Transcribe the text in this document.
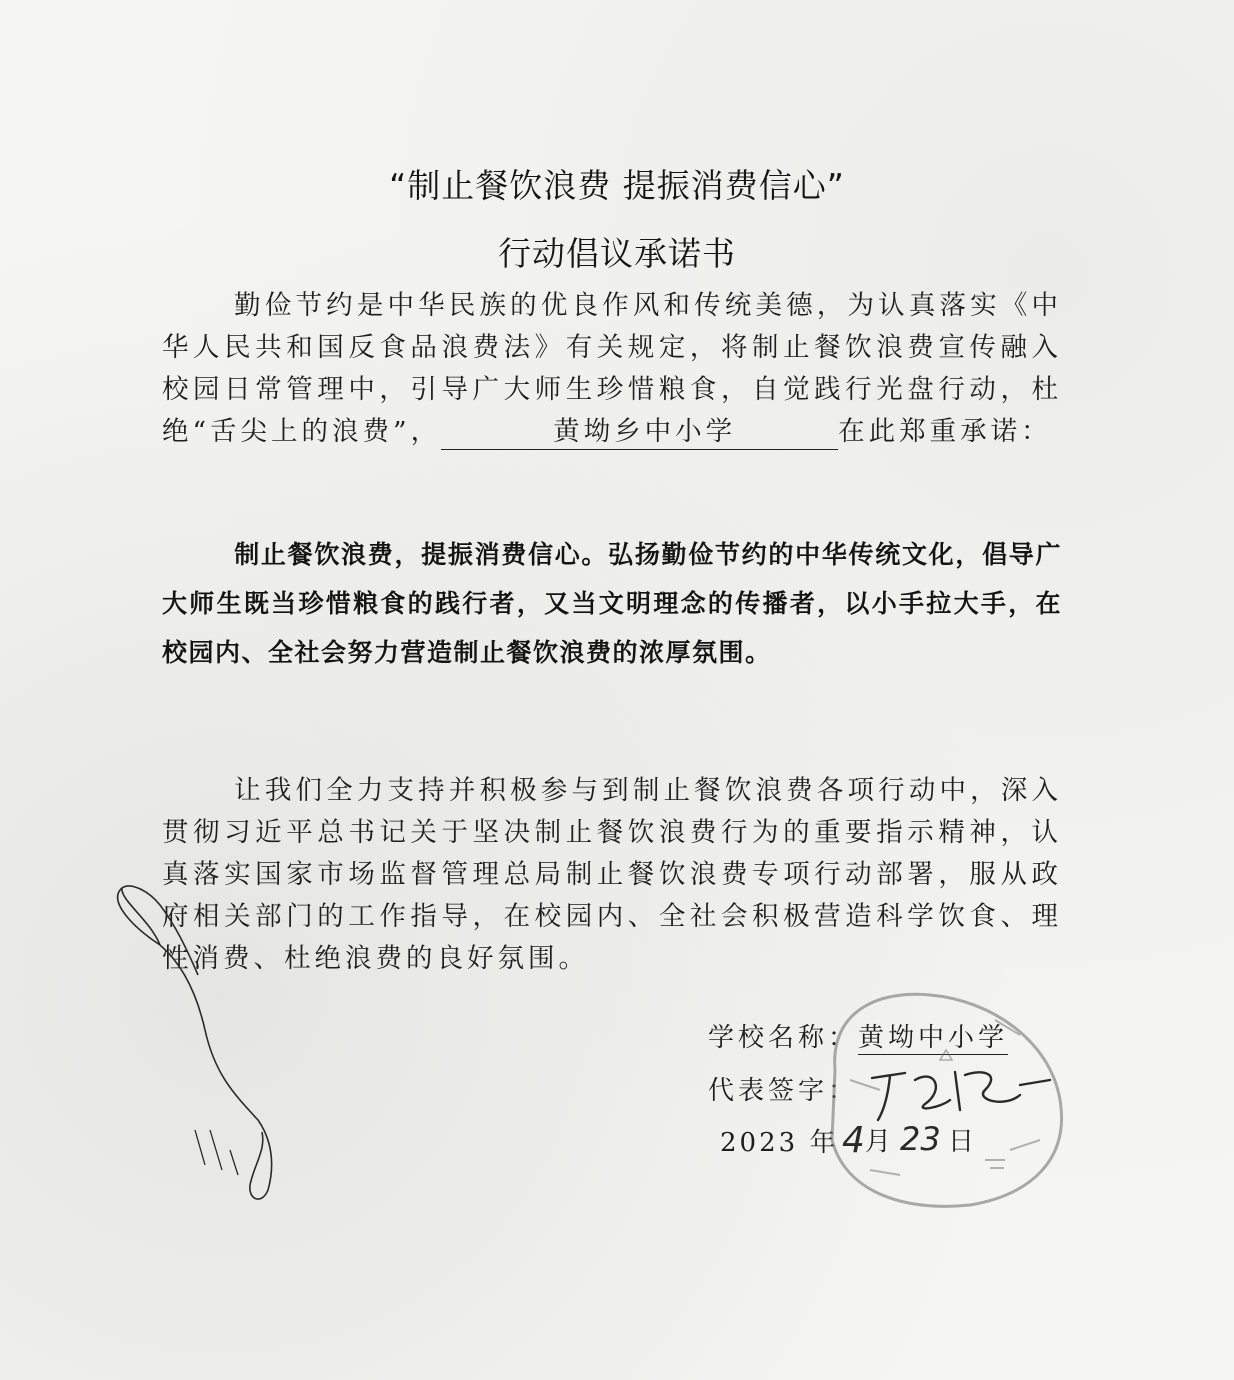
“制止餐饮浪费 提振消费信心”
行动倡议承诺书
勤俭节约是中华民族的优良作风和传统美德，为认真落实《中华人民共和国反食品浪费法》有关规定，将制止餐饮浪费宣传融入校园日常管理中，引导广大师生珍惜粮食，自觉践行光盘行动，杜绝“舌尖上的浪费”，	黄坳乡中小学	在此郑重承诺：
制止餐饮浪费，提振消费信心。弘扬勤俭节约的中华传统文化，倡导广大师生既当珍惜粮食的践行者，又当文明理念的传播者，以小手拉大手，在校园内、全社会努力营造制止餐饮浪费的浓厚氛围。
让我们全力支持并积极参与到制止餐饮浪费各项行动中，深入贯彻习近平总书记关于坚决制止餐饮浪费行为的重要指示精神，认真落实国家市场监督管理总局制止餐饮浪费专项行动部署，服从政府相关部门的工作指导，在校园内、全社会积极营造科学饮食、理性消费、杜绝浪费的良好氛围。
学校名称：黄坳中小学
代表签字：
2023 年 4 月 23 日
